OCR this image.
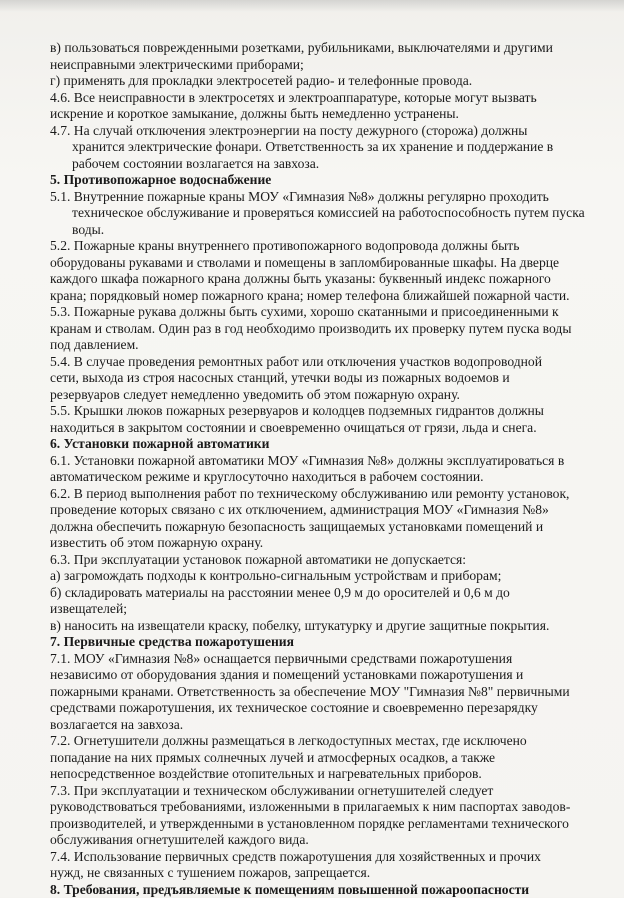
в) пользоваться поврежденными розетками, рубильниками, выключателями и другими

неисправными электрическими приборами;

г) применять для прокладки электросетей радио- и телефонные провода.

4.6. Все неисправности в электросетях и электроаппаратуре, которые могут вызвать

искрение и короткое замыкание, должны быть немедленно устранены.

4.7. На случай отключения электроэнергии на посту дежурного (сторожа) должны

хранится электрические фонари. Ответственность за их хранение и поддержание в

рабочем состоянии возлагается на завхоза.

5. Противопожарное водоснабжение

5.1. Внутренние пожарные краны МОУ «Гимназия №8» должны регулярно проходить

техническое обслуживание и проверяться комиссией на работоспособность путем пуска

воды.

5.2. Пожарные краны внутреннего противопожарного водопровода должны быть

оборудованы рукавами и стволами и помещены в запломбированные шкафы. На дверце

каждого шкафа пожарного крана должны быть указаны: буквенный индекс пожарного

крана; порядковый номер пожарного крана; номер телефона ближайшей пожарной части.

5.3. Пожарные рукава должны быть сухими, хорошо скатанными и присоединенными к

кранам и стволам. Один раз в год необходимо производить их проверку путем пуска воды

под давлением.

5.4. В случае проведения ремонтных работ или отключения участков водопроводной

сети, выхода из строя насосных станций, утечки воды из пожарных водоемов и

резервуаров следует немедленно уведомить об этом пожарную охрану.

5.5. Крышки люков пожарных резервуаров и колодцев подземных гидрантов должны

находиться в закрытом состоянии и своевременно очищаться от грязи, льда и снега.

6. Установки пожарной автоматики

6.1. Установки пожарной автоматики МОУ «Гимназия №8» должны эксплуатироваться в

автоматическом режиме и круглосуточно находиться в рабочем состоянии.

6.2. В период выполнения работ по техническому обслуживанию или ремонту установок,

проведение которых связано с их отключением, администрация МОУ «Гимназия №8»

должна обеспечить пожарную безопасность защищаемых установками помещений и

известить об этом пожарную охрану.

6.3. При эксплуатации установок пожарной автоматики не допускается:

а) загромождать подходы к контрольно-сигнальным устройствам и приборам;

б) складировать материалы на расстоянии менее 0,9 м до оросителей и 0,6 м до

извещателей;

в) наносить на извещатели краску, побелку, штукатурку и другие защитные покрытия.

7. Первичные средства пожаротушения

7.1. МОУ «Гимназия №8» оснащается первичными средствами пожаротушения

независимо от оборудования здания и помещений установками пожаротушения и

пожарными кранами. Ответственность за обеспечение МОУ "Гимназия №8" первичными

средствами пожаротушения, их техническое состояние и своевременно перезарядку

возлагается на завхоза.

7.2. Огнетушители должны размещаться в легкодоступных местах, где исключено

попадание на них прямых солнечных лучей и атмосферных осадков, а также

непосредственное воздействие отопительных и нагревательных приборов.

7.3. При эксплуатации и техническом обслуживании огнетушителей следует

руководствоваться требованиями, изложенными в прилагаемых к ним паспортах заводов-

производителей, и утвержденными в установленном порядке регламентами технического

обслуживания огнетушителей каждого вида.

7.4. Использование первичных средств пожаротушения для хозяйственных и прочих

нужд, не связанных с тушением пожаров, запрещается.

8. Требования, предъявляемые к помещениям повышенной пожароопасности
